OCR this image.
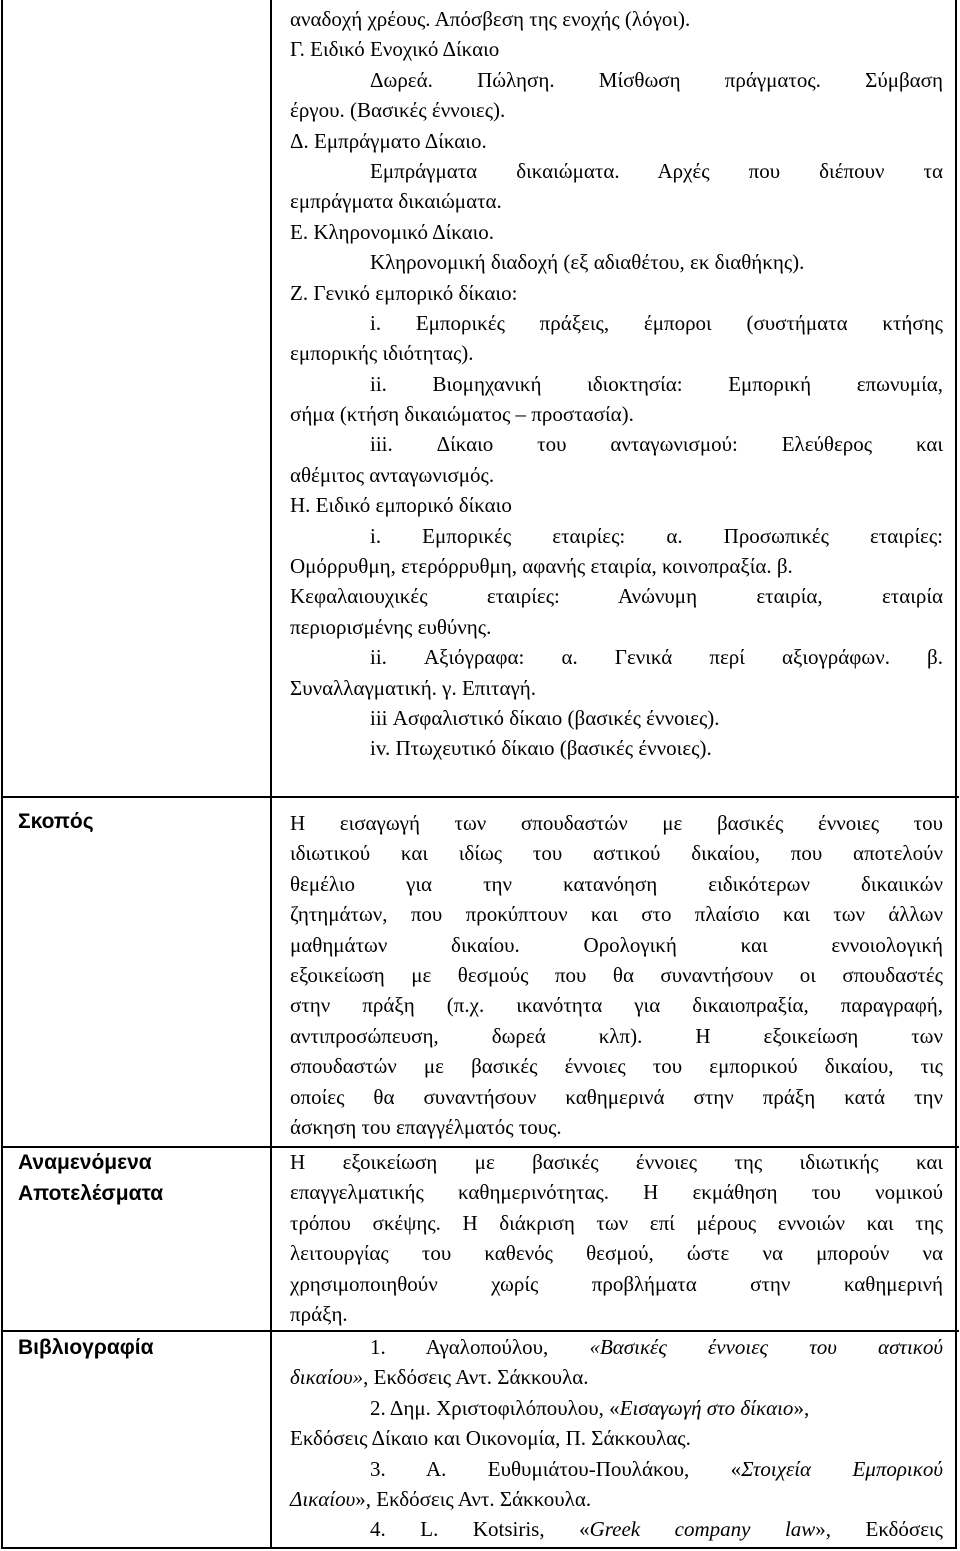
αναδοχή χρέους. Απόσβεση της ενοχής (λόγοι).
Γ. Ειδικό Ενοχικό Δίκαιο
Δωρεά. Πώληση. Μίσθωση πράγματος. Σύμβαση
έργου. (Βασικές έννοιες).
Δ. Εμπράγματο Δίκαιο.
Εμπράγματα δικαιώματα. Αρχές που διέπουν τα
εμπράγματα δικαιώματα.
Ε. Κληρονομικό Δίκαιο.
Κληρονομική διαδοχή (εξ αδιαθέτου, εκ διαθήκης).
Ζ. Γενικό εμπορικό δίκαιο:
i. Εμπορικές πράξεις, έμποροι (συστήματα κτήσης
εμπορικής ιδιότητας).
ii. Βιομηχανική ιδιοκτησία: Εμπορική επωνυμία,
σήμα (κτήση δικαιώματος – προστασία).
iii. Δίκαιο του ανταγωνισμού: Ελεύθερος και
αθέμιτος ανταγωνισμός.
Η. Ειδικό εμπορικό δίκαιο
i. Εμπορικές εταιρίες: α. Προσωπικές εταιρίες:
Ομόρρυθμη, ετερόρρυθμη, αφανής εταιρία, κοινοπραξία. β.
Κεφαλαιουχικές εταιρίες: Ανώνυμη εταιρία, εταιρία
περιορισμένης ευθύνης.
ii. Αξιόγραφα: α. Γενικά περί αξιογράφων. β.
Συναλλαγματική. γ. Επιταγή.
iii Ασφαλιστικό δίκαιο (βασικές έννοιες).
iv. Πτωχευτικό δίκαιο (βασικές έννοιες).
Σκοπός	Η εισαγωγή των σπουδαστών με βασικές έννοιες του
ιδιωτικού και ιδίως του αστικού δικαίου, που αποτελούν
θεμέλιο για την κατανόηση ειδικότερων δικαιικών
ζητημάτων, που προκύπτουν και στο πλαίσιο και των άλλων
μαθημάτων δικαίου. Ορολογική και εννοιολογική
εξοικείωση με θεσμούς που θα συναντήσουν οι σπουδαστές
στην πράξη (π.χ. ικανότητα για δικαιοπραξία, παραγραφή,
αντιπροσώπευση, δωρεά κλπ). Η εξοικείωση των
σπουδαστών με βασικές έννοιες του εμπορικού δικαίου, τις
οποίες θα συναντήσουν καθημερινά στην πράξη κατά την
άσκηση του επαγγέλματός τους.
Αναμενόμενα
Αποτελέσματα
Η εξοικείωση με βασικές έννοιες της ιδιωτικής και
επαγγελματικής καθημερινότητας. Η εκμάθηση του νομικού
τρόπου σκέψης. Η διάκριση των επί μέρους εννοιών και της
λειτουργίας του καθενός θεσμού, ώστε να μπορούν να
χρησιμοποιηθούν χωρίς προβλήματα στην καθημερινή
πράξη.
Βιβλιογραφία	1. Αγαλοπούλου, «Βασικές έννοιες του αστικού
δικαίου», Εκδόσεις Αντ. Σάκκουλα.
2. Δημ. Χριστοφιλόπουλου, «Εισαγωγή στο δίκαιο»,
Εκδόσεις Δίκαιο και Οικονομία, Π. Σάκκουλας.
3. Α. Ευθυμιάτου-Πουλάκου, «Στοιχεία Εμπορικού
Δικαίου», Εκδόσεις Αντ. Σάκκουλα.
4. L. Kotsiris, «Greek company law», Εκδόσεις
